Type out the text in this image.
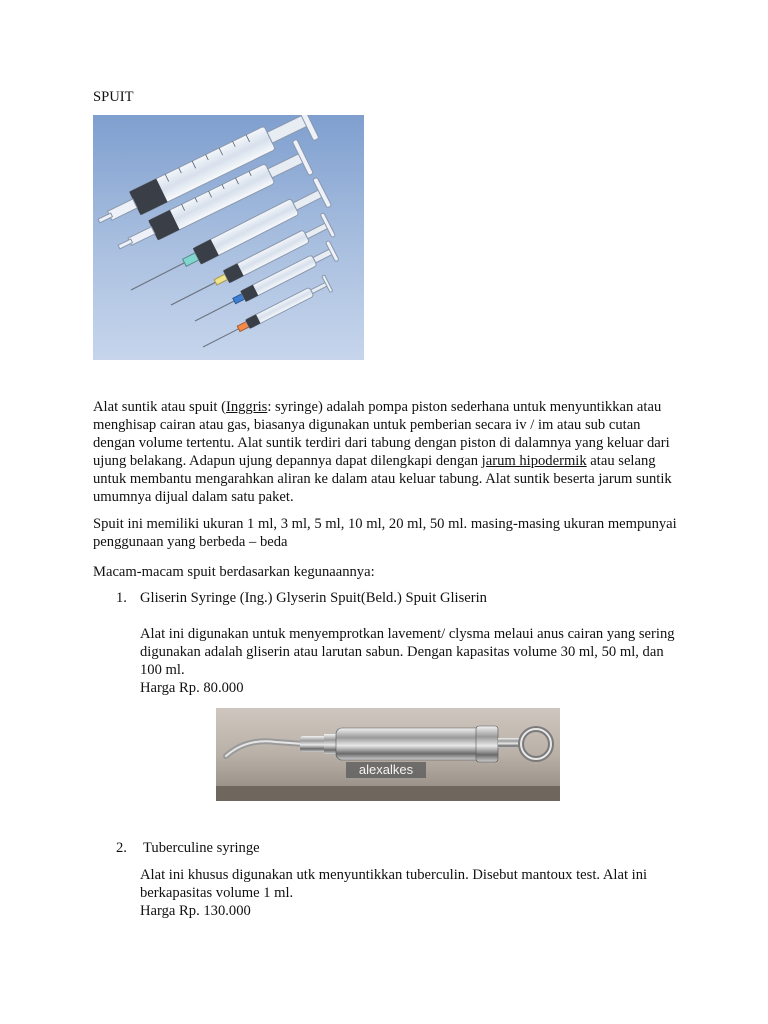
SPUIT

Alat suntik atau spuit (Inggris: syringe) adalah pompa piston sederhana untuk menyuntikkan atau menghisap cairan atau gas, biasanya digunakan untuk pemberian secara iv / im atau sub cutan dengan volume tertentu. Alat suntik terdiri dari tabung dengan piston di dalamnya yang keluar dari ujung belakang. Adapun ujung depannya dapat dilengkapi dengan jarum hipodermik atau selang untuk membantu mengarahkan aliran ke dalam atau keluar tabung. Alat suntik beserta jarum suntik umumnya dijual dalam satu paket.

Spuit ini memiliki ukuran 1 ml, 3 ml, 5 ml, 10 ml, 20 ml, 50 ml. masing-masing ukuran mempunyai penggunaan yang berbeda – beda

Macam-macam spuit berdasarkan kegunaannya:

1. Gliserin Syringe (Ing.) Glyserin Spuit(Beld.) Spuit Gliserin
Alat ini digunakan untuk menyemprotkan lavement/ clysma melaui anus cairan yang sering digunakan adalah gliserin atau larutan sabun. Dengan kapasitas volume 30 ml, 50 ml, dan 100 ml.
Harga Rp. 80.000
alexalkes
2. Tuberculine syringe
Alat ini khusus digunakan utk menyuntikkan tuberculin. Disebut mantoux test. Alat ini berkapasitas volume 1 ml.
Harga Rp. 130.000
